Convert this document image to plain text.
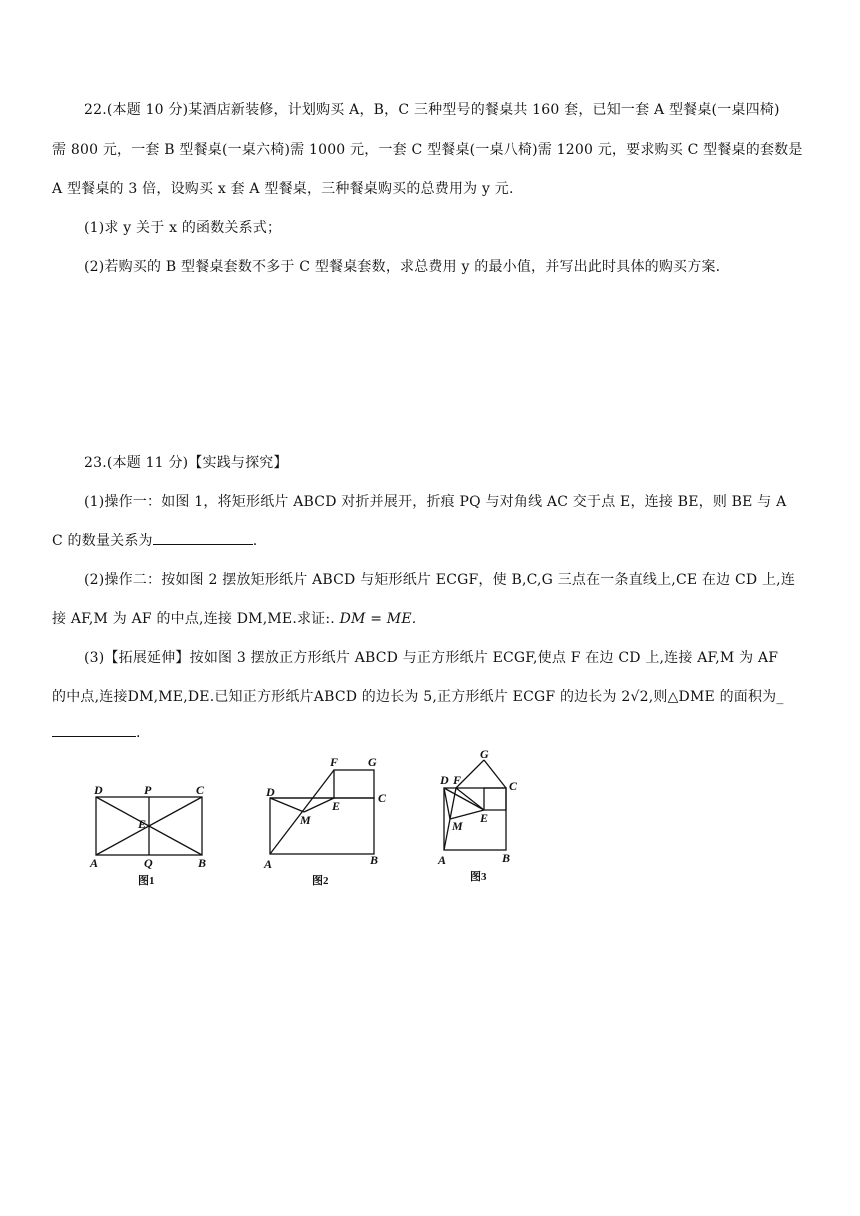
22.(本题 10 分)某酒店新装修，计划购买 A，B，C 三种型号的餐桌共 160 套，已知一套 A 型餐桌(一桌四椅)
需 800 元，一套 B 型餐桌(一桌六椅)需 1000 元，一套 C 型餐桌(一桌八椅)需 1200 元，要求购买 C 型餐桌的套数是
A 型餐桌的 3 倍，设购买 x 套 A 型餐桌，三种餐桌购买的总费用为 y 元.
(1)求 y 关于 x 的函数关系式；
(2)若购买的 B 型餐桌套数不多于 C 型餐桌套数，求总费用 y 的最小值，并写出此时具体的购买方案.
23.(本题 11 分)【实践与探究】
(1)操作一：如图 1，将矩形纸片 ABCD 对折并展开，折痕 PQ 与对角线 AC 交于点 E，连接 BE，则 BE 与 A
C 的数量关系为	.
(2)操作二：按如图 2 摆放矩形纸片 ABCD 与矩形纸片 ECGF，使 B,C,G 三点在一条直线上,CE 在边 CD 上,连
接 AF,M 为 AF 的中点,连接 DM,ME.求证:. DM = ME.
(3)【拓展延伸】按如图 3 摆放正方形纸片 ABCD 与正方形纸片 ECGF,使点 F 在边 CD 上,连接 AF,M 为 AF
的中点,连接DM,ME,DE.已知正方形纸片ABCD 的边长为 5,正方形纸片 ECGF 的边长为 2√2,则△DME 的面积为_
.
D	P	C
E
A	Q	B
图1
F G
D	C
E
M
A	B
图2
G
D F	C
E
M
A	B
图3
